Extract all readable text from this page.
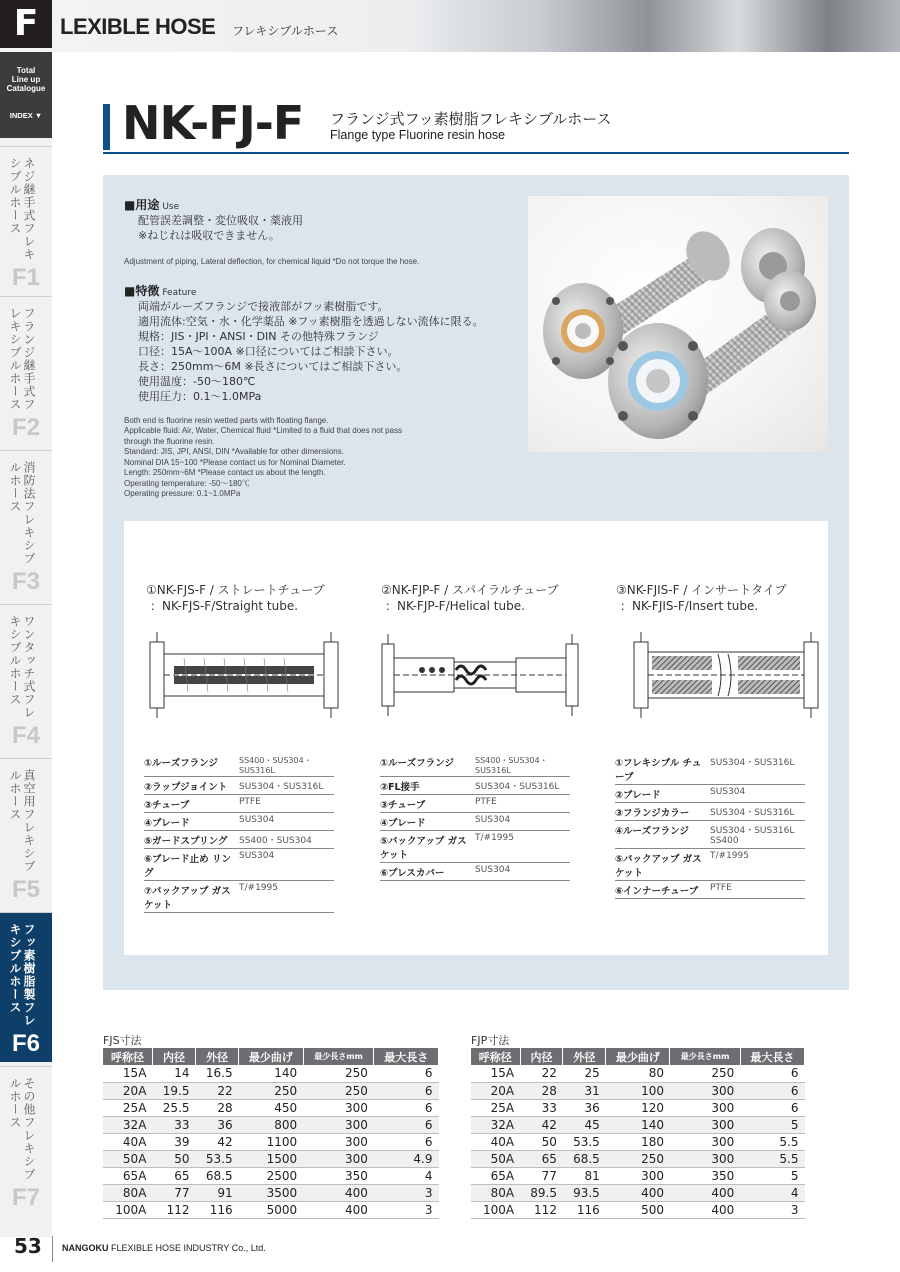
F LEXIBLE HOSE フレキシブルホース
Total
Line up
Catalogue
INDEX ▼
ネジ継手式フレキシブルホース
F1
フランジ継手式フレキシブルホース
F2
消防法フレキシブルホース
F3
ワンタッチ式フレキシブルホース
F4
真空用フレキシブルホース
F5
フッ素樹脂製フレキシブルホース
F6
その他フレキシブルホース
F7
NK-FJ-F フランジ式フッ素樹脂フレキシブルホース
Flange type Fluorine resin hose
■用途 Use
配管誤差調整・変位吸収・薬液用
※ねじれは吸収できません。
Adjustment of piping, Lateral deflection, for chemical liquid *Do not torque the hose.
■特徴 Feature
両端がルーズフランジで接液部がフッ素樹脂です。
適用流体:空気・水・化学薬品 ※フッ素樹脂を透過しない流体に限る。
規格：JIS・JPI・ANSI・DIN その他特殊フランジ
口径：15A～100A ※口径についてはご相談下さい。
長さ：250mm～6M ※長さについてはご相談下さい。
使用温度：-50～180℃
使用圧力：0.1～1.0MPa
Both end is fluorine resin wetted parts with floating flange.
Applicable fluid: Air, Water, Chemical fluid *Limited to a fluid that does not pass
through the fluorine resin.
Standard: JIS, JPI, ANSI, DIN *Available for other dimensions.
Nominal DIA 15~100 *Please contact us for Nominal Diameter.
Length: 250mm~6M *Please contact us about the length.
Operating temperature: -50～180℃
Operating pressure: 0.1~1.0MPa
①NK-FJS-F / ストレートチューブ
：NK-FJS-F/Straight tube.
②NK-FJP-F / スパイラルチューブ
：NK-FJP-F/Helical tube.
③NK-FJIS-F / インサートタイプ
：NK-FJIS-F/Insert tube.
①ルーズフランジ	SS400・SUS304・SUS316L
②ラップジョイント	SUS304・SUS316L
③チューブ	PTFE
④ブレード	SUS304
⑤ガードスプリング	SS400・SUS304
⑥ブレード止め リング
SUS304
⑦バックアップ ガスケット
T/#1995
①ルーズフランジ	SS400・SUS304・SUS316L
②FL接手	SUS304・SUS316L
③チューブ	PTFE
④ブレード	SUS304
⑤バックアップ ガスケット
T/#1995
⑥プレスカバー	SUS304
①フレキシブル チューブ
SUS304・SUS316L
②ブレード	SUS304
③フランジカラー	SUS304・SUS316L
④ルーズフランジ	SUS304・SUS316L SS400
⑤バックアップ ガスケット
T/#1995
⑥インナーチューブ	PTFE
FJS寸法
呼称径	内径	外径	最少曲げ	最少長さmm	最大長さ
15A	14	16.5	140	250	6
20A	19.5	22	250	250	6
25A	25.5	28	450	300	6
32A	33	36	800	300	6
40A	39	42	1100	300	6
50A	50	53.5	1500	300	4.9
65A	65	68.5	2500	350	4
80A	77	91	3500	400	3
100A	112	116	5000	400	3
FJP寸法
呼称径	内径	外径	最少曲げ	最少長さmm	最大長さ
15A	22	25	80	250	6
20A	28	31	100	300	6
25A	33	36	120	300	6
32A	42	45	140	300	5
40A	50	53.5	180	300	5.5
50A	65	68.5	250	300	5.5
65A	77	81	300	350	5
80A	89.5	93.5	400	400	4
100A	112	116	500	400	3
53 NANGOKU FLEXIBLE HOSE INDUSTRY Co., Ltd.
